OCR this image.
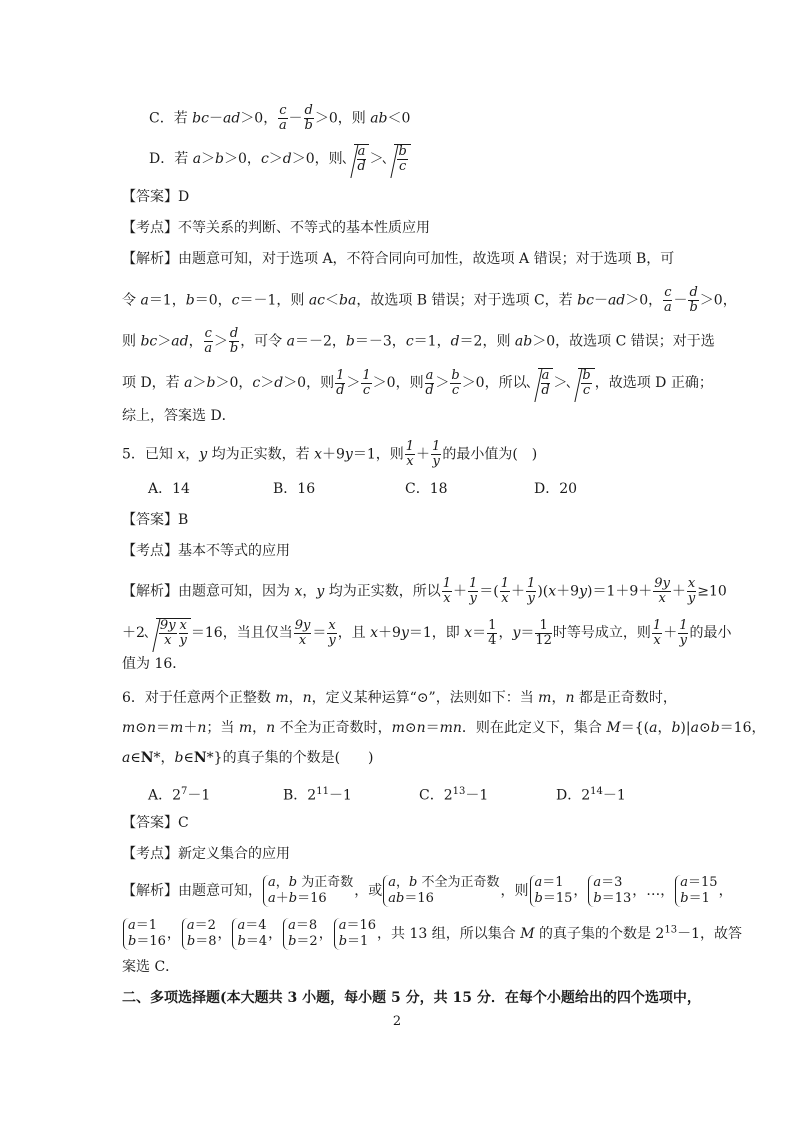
C．若 bc－ad＞0， $\frac{c}{a} - \frac{d}{b} >0$，则 ab＜0
D．若 a＞b＞0，c＞d＞0，则 $\frac{a}{d} > \frac{b}{c}$
【答案】D
【考点】不等关系的判断、不等式的基本性质应用
【解析】由题意可知，对于选项 A，不符合同向可加性，故选项 A 错误；对于选项 B，可
令 a＝1，b＝0，c＝－1，则 ac＜ba，故选项 B 错误；对于选项 C，若 bc－ad＞0， $\frac{c}{a} - \frac{d}{b} >0$，
则 bc＞ad， $\frac{c}{a} > \frac{d}{b}$ ，可令 a＝－2，b＝－3，c＝1，d＝2，则 ab＞0，故选项 C 错误；对于选
项 D，若 a＞b＞0，c＞d＞0，则 $\frac{1}{d} > \frac{1}{c} >0$，则 $\frac{a}{d} > \frac{b}{c} >0$，所以 $\frac{a}{d} > \frac{b}{c}$ ，故选项 D 正确；
综上，答案选 D．
5．已知 x，y 均为正实数，若 x＋9y＝1，则 $\frac{1}{x} + \frac{1}{y}$ 的最小值为(　)
A．14	B．16	C．18	D．20
【答案】B
【考点】基本不等式的应用
【解析】由题意可知，因为 x，y 均为正实数，所以 $\frac{1}{x} + \frac{1}{y}$ ＝( $\frac{1}{x} + \frac{1}{y} )(x+9y)=1+9+ \frac{9y}{x} + \frac{x}{y} \ge 10$
$+2 \frac{9y}{x} \frac{x}{y} =16$，当且仅当 $\frac{9y}{x} = \frac{x}{y}$ ，且 x＋9y＝1，即 $x= \frac{1}{4}$ ，$y= \frac{1}{12}$ 时等号成立，则 $\frac{1}{x} + \frac{1}{y}$ 的最小
值为 16．
6．对于任意两个正整数 m，n，定义某种运算“⊙”，法则如下：当 m，n 都是正奇数时，
m⊙n＝m＋n；当 m，n 不全为正奇数时，m⊙n＝mn．则在此定义下，集合 M＝{(a，b)|a⊙b＝16，
a∈N*，b∈N*}的真子集的个数是(　　)
A．$2^7-1$	B．$2^{11}-1$	C．$2^{13}-1$	D．$2^{14}-1$
【答案】C
【考点】新定义集合的应用
【解析】由题意可知，
a，b 为正奇数
a＋b＝16	，或
a，b 不全为正奇数
ab＝16	，则
a＝1
b＝15 ，
a＝3
b＝13 ，…，
a＝15
b＝1 ，
a＝1
b＝16 ，
a＝2
b＝8 ，
a＝4
b＝4 ，
a＝8
b＝2 ，
a＝16
b＝1 ，共 13 组，所以集合 M 的真子集的个数是 $2^{13}-1$，故答
案选 C．
二、多项选择题(本大题共 3 小题，每小题 5 分，共 15 分．在每个小题给出的四个选项中，
2
